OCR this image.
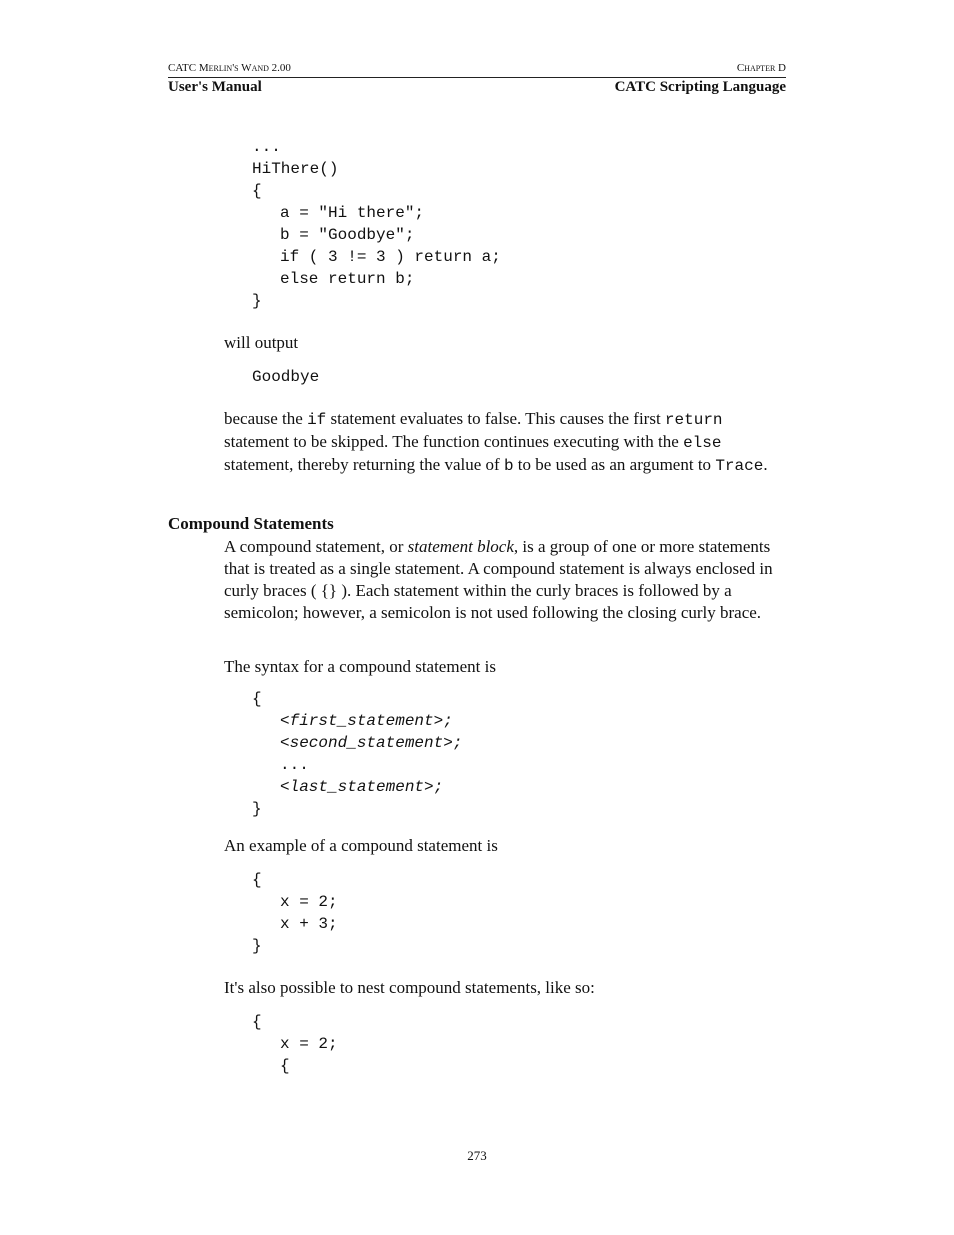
CATC Merlin's Wand 2.00	Chapter D
User's Manual	CATC Scripting Language
...
HiThere()
{

a = "Hi there";
b = "Goodbye";
if ( 3 != 3 ) return a;
else return b;
}

will output

Goodbye

because the if statement evaluates to false. This causes the first return statement to be skipped. The function continues executing with the else statement, thereby returning the value of b to be used as an argument to Trace.

Compound Statements

A compound statement, or statement block, is a group of one or more statements that is treated as a single statement. A compound statement is always enclosed in curly braces ( {} ). Each statement within the curly braces is followed by a semicolon; however, a semicolon is not used following the closing curly brace.

The syntax for a compound statement is

{

<first_statement>;
<second_statement>;
...
<last_statement>;
}

An example of a compound statement is

{

x = 2;
x + 3;
}

It's also possible to nest compound statements, like so:

{

x = 2;
{
273
